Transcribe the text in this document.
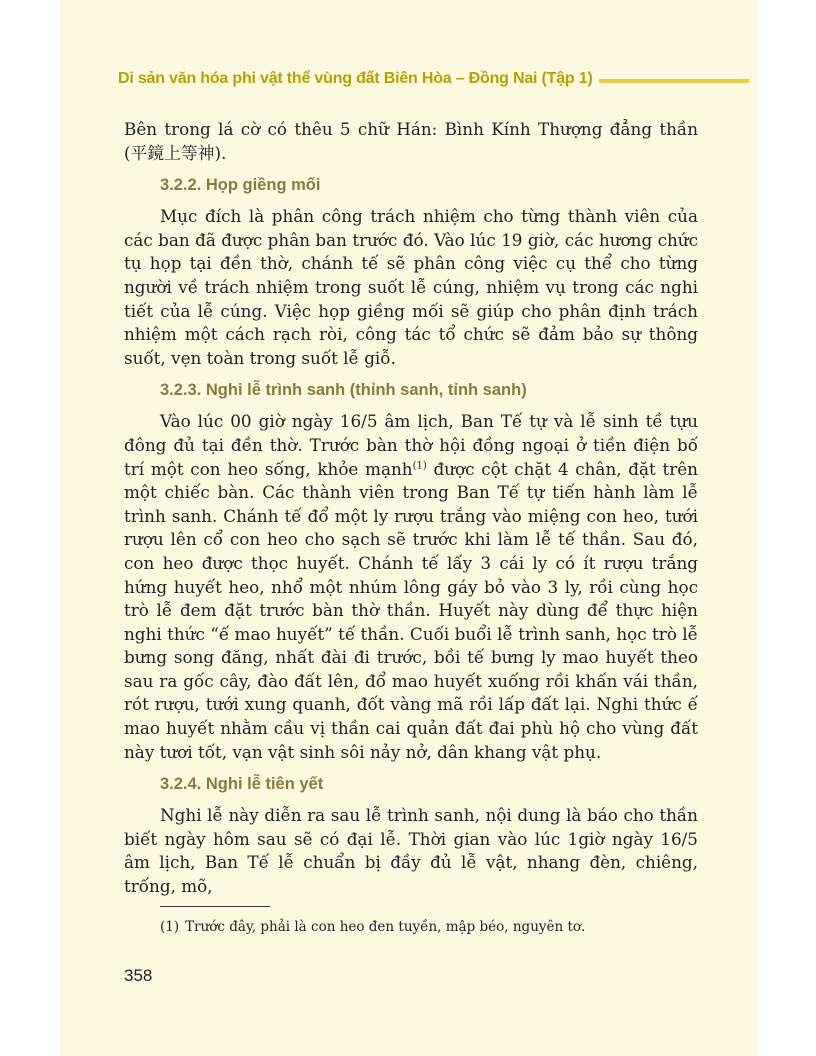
Di sản văn hóa phi vật thể vùng đất Biên Hòa – Đồng Nai (Tập 1)

Bên trong lá cờ có thêu 5 chữ Hán: Bình Kính Thượng đẳng thần (平鏡上等神).

3.2.2. Họp giềng mối

Mục đích là phân công trách nhiệm cho từng thành viên của các ban đã được phân ban trước đó. Vào lúc 19 giờ, các hương chức tụ họp tại đền thờ, chánh tế sẽ phân công việc cụ thể cho từng người về trách nhiệm trong suốt lễ cúng, nhiệm vụ trong các nghi tiết của lễ cúng. Việc họp giềng mối sẽ giúp cho phân định trách nhiệm một cách rạch ròi, công tác tổ chức sẽ đảm bảo sự thông suốt, vẹn toàn trong suốt lễ giỗ.

3.2.3. Nghi lễ trình sanh (thỉnh sanh, tỉnh sanh)

Vào lúc 00 giờ ngày 16/5 âm lịch, Ban Tế tự và lễ sinh tề tựu đông đủ tại đền thờ. Trước bàn thờ hội đồng ngoại ở tiền điện bố trí một con heo sống, khỏe mạnh$^{(1)}$ được cột chặt 4 chân, đặt trên một chiếc bàn. Các thành viên trong Ban Tế tự tiến hành làm lễ trình sanh. Chánh tế đổ một ly rượu trắng vào miệng con heo, tưới rượu lên cổ con heo cho sạch sẽ trước khi làm lễ tế thần. Sau đó, con heo được thọc huyết. Chánh tế lấy 3 cái ly có ít rượu trắng hứng huyết heo, nhổ một nhúm lông gáy bỏ vào 3 ly, rồi cùng học trò lễ đem đặt trước bàn thờ thần. Huyết này dùng để thực hiện nghi thức “ế mao huyết” tế thần. Cuối buổi lễ trình sanh, học trò lễ bưng song đăng, nhất đài đi trước, bồi tế bưng ly mao huyết theo sau ra gốc cây, đào đất lên, đổ mao huyết xuống rồi khấn vái thần, rót rượu, tưới xung quanh, đốt vàng mã rồi lấp đất lại. Nghi thức ế mao huyết nhằm cầu vị thần cai quản đất đai phù hộ cho vùng đất này tươi tốt, vạn vật sinh sôi nảy nở, dân khang vật phụ.

3.2.4. Nghi lễ tiên yết

Nghi lễ này diễn ra sau lễ trình sanh, nội dung là báo cho thần biết ngày hôm sau sẽ có đại lễ. Thời gian vào lúc 1giờ ngày 16/5 âm lịch, Ban Tế lễ chuẩn bị đầy đủ lễ vật, nhang đèn, chiêng, trống, mõ,

(1) Trước đây, phải là con heo đen tuyền, mập béo, nguyên tơ.
358
